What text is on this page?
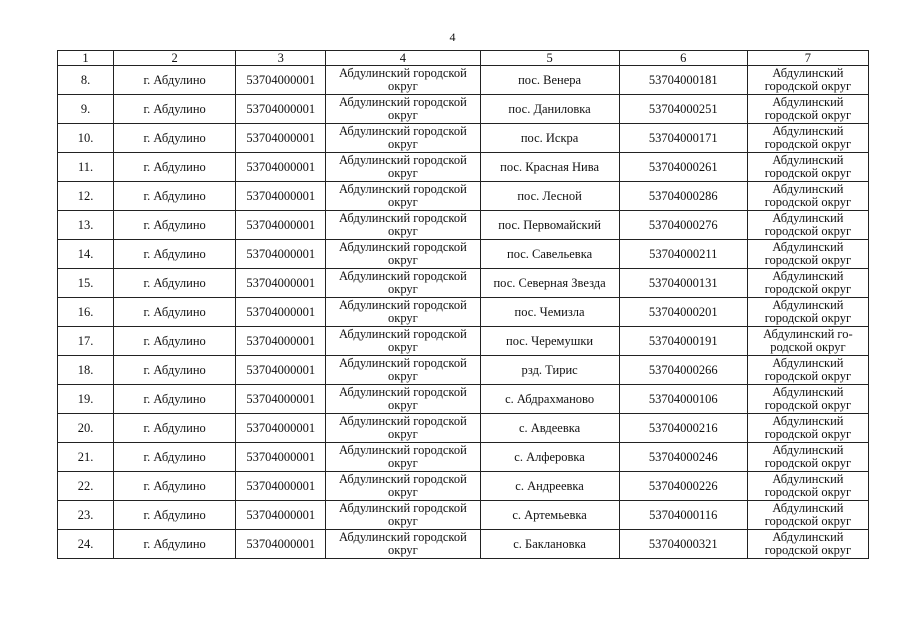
4
1	2	3	4	5	6	7
8.	г. Абдулино	53704000001	Абдулинский городской округ	пос. Венера	53704000181	Абдулинский городской округ
9.	г. Абдулино	53704000001	Абдулинский городской округ	пос. Даниловка	53704000251	Абдулинский городской округ
10.	г. Абдулино	53704000001	Абдулинский городской округ	пос. Искра	53704000171	Абдулинский городской округ
11.	г. Абдулино	53704000001	Абдулинский городской округ	пос. Красная Нива	53704000261	Абдулинский городской округ
12.	г. Абдулино	53704000001	Абдулинский городской округ	пос. Лесной	53704000286	Абдулинский городской округ
13.	г. Абдулино	53704000001	Абдулинский городской округ	пос. Первомайский	53704000276	Абдулинский городской округ
14.	г. Абдулино	53704000001	Абдулинский городской округ	пос. Савельевка	53704000211	Абдулинский городской округ
15.	г. Абдулино	53704000001	Абдулинский городской округ	пос. Северная Звезда	53704000131	Абдулинский городской округ
16.	г. Абдулино	53704000001	Абдулинский городской округ	пос. Чемизла	53704000201	Абдулинский городской округ
17.	г. Абдулино	53704000001	Абдулинский городской округ	пос. Черемушки	53704000191	Абдулинский го-родской округ
18.	г. Абдулино	53704000001	Абдулинский городской округ	рзд. Тирис	53704000266	Абдулинский городской округ
19.	г. Абдулино	53704000001	Абдулинский городской округ	с. Абдрахманово	53704000106	Абдулинский городской округ
20.	г. Абдулино	53704000001	Абдулинский городской округ	с. Авдеевка	53704000216	Абдулинский городской округ
21.	г. Абдулино	53704000001	Абдулинский городской округ	с. Алферовка	53704000246	Абдулинский городской округ
22.	г. Абдулино	53704000001	Абдулинский городской округ	с. Андреевка	53704000226	Абдулинский городской округ
23.	г. Абдулино	53704000001	Абдулинский городской округ	с. Артемьевка	53704000116	Абдулинский городской округ
24.	г. Абдулино	53704000001	Абдулинский городской округ	с. Баклановка	53704000321	Абдулинский городской округ
